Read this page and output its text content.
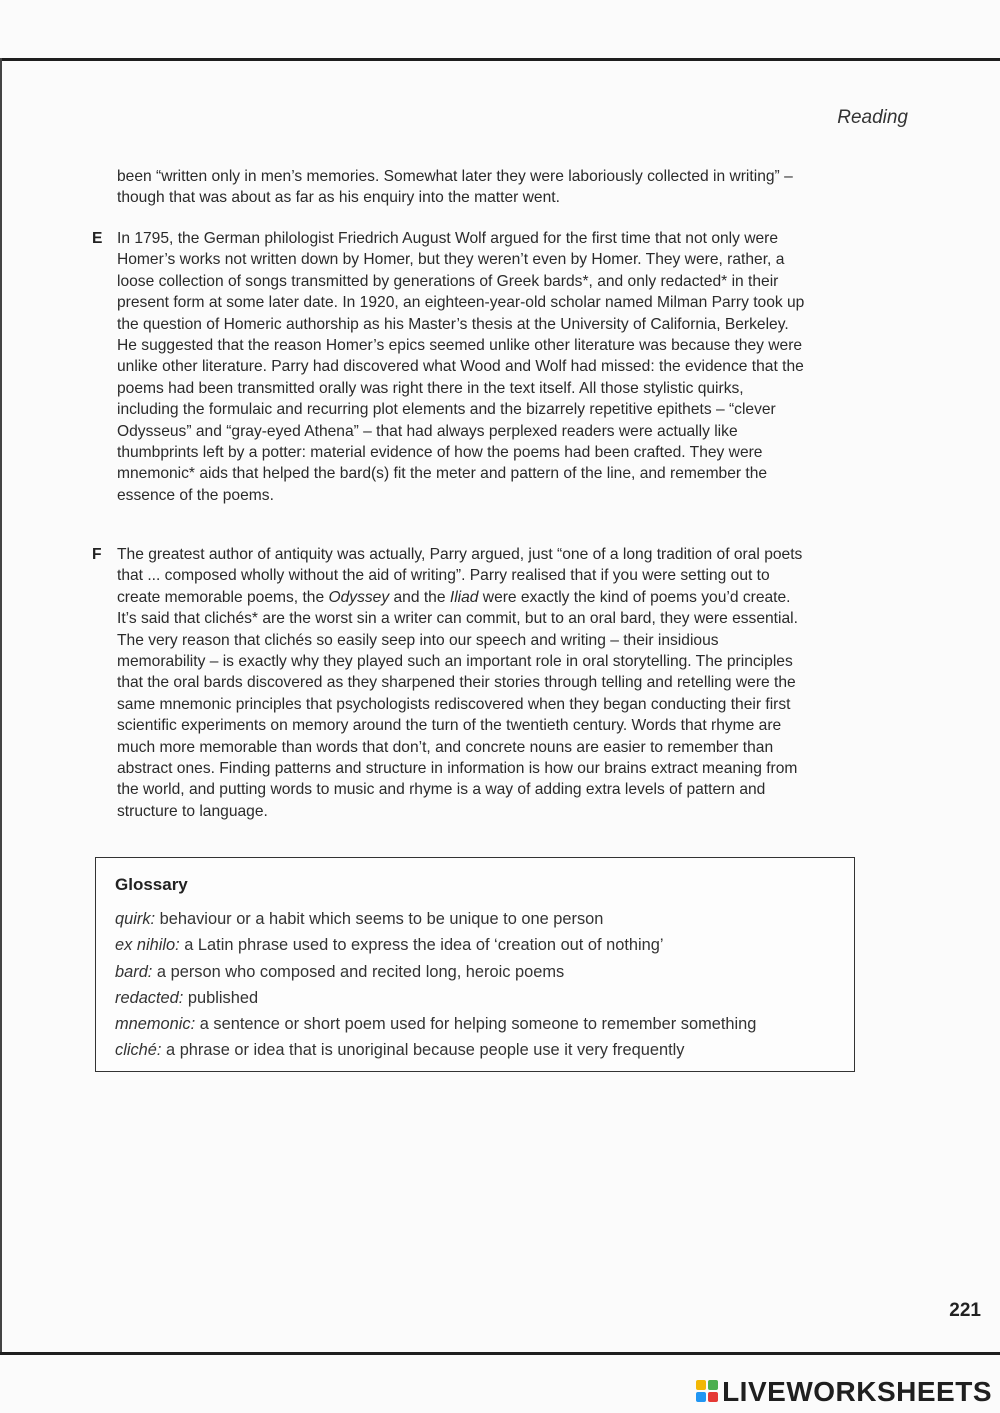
Reading

been “written only in men’s memories. Somewhat later they were laboriously collected in writing” – though that was about as far as his enquiry into the matter went.

E In 1795, the German philologist Friedrich August Wolf argued for the first time that not only were Homer’s works not written down by Homer, but they weren’t even by Homer. They were, rather, a loose collection of songs transmitted by generations of Greek bards*, and only redacted* in their present form at some later date. In 1920, an eighteen-year-old scholar named Milman Parry took up the question of Homeric authorship as his Master’s thesis at the University of California, Berkeley. He suggested that the reason Homer’s epics seemed unlike other literature was because they were unlike other literature. Parry had discovered what Wood and Wolf had missed: the evidence that the poems had been transmitted orally was right there in the text itself. All those stylistic quirks, including the formulaic and recurring plot elements and the bizarrely repetitive epithets – “clever Odysseus” and “gray-eyed Athena” – that had always perplexed readers were actually like thumbprints left by a potter: material evidence of how the poems had been crafted. They were mnemonic* aids that helped the bard(s) fit the meter and pattern of the line, and remember the essence of the poems.

F The greatest author of antiquity was actually, Parry argued, just “one of a long tradition of oral poets that ... composed wholly without the aid of writing”. Parry realised that if you were setting out to create memorable poems, the Odyssey and the Iliad were exactly the kind of poems you’d create. It’s said that clichés* are the worst sin a writer can commit, but to an oral bard, they were essential. The very reason that clichés so easily seep into our speech and writing – their insidious memorability – is exactly why they played such an important role in oral storytelling. The principles that the oral bards discovered as they sharpened their stories through telling and retelling were the same mnemonic principles that psychologists rediscovered when they began conducting their first scientific experiments on memory around the turn of the twentieth century. Words that rhyme are much more memorable than words that don’t, and concrete nouns are easier to remember than abstract ones. Finding patterns and structure in information is how our brains extract meaning from the world, and putting words to music and rhyme is a way of adding extra levels of pattern and structure to language.

Glossary
quirk: behaviour or a habit which seems to be unique to one person
ex nihilo: a Latin phrase used to express the idea of ‘creation out of nothing’
bard: a person who composed and recited long, heroic poems
redacted: published
mnemonic: a sentence or short poem used for helping someone to remember something
cliché: a phrase or idea that is unoriginal because people use it very frequently
221
LIVEWORKSHEETS
